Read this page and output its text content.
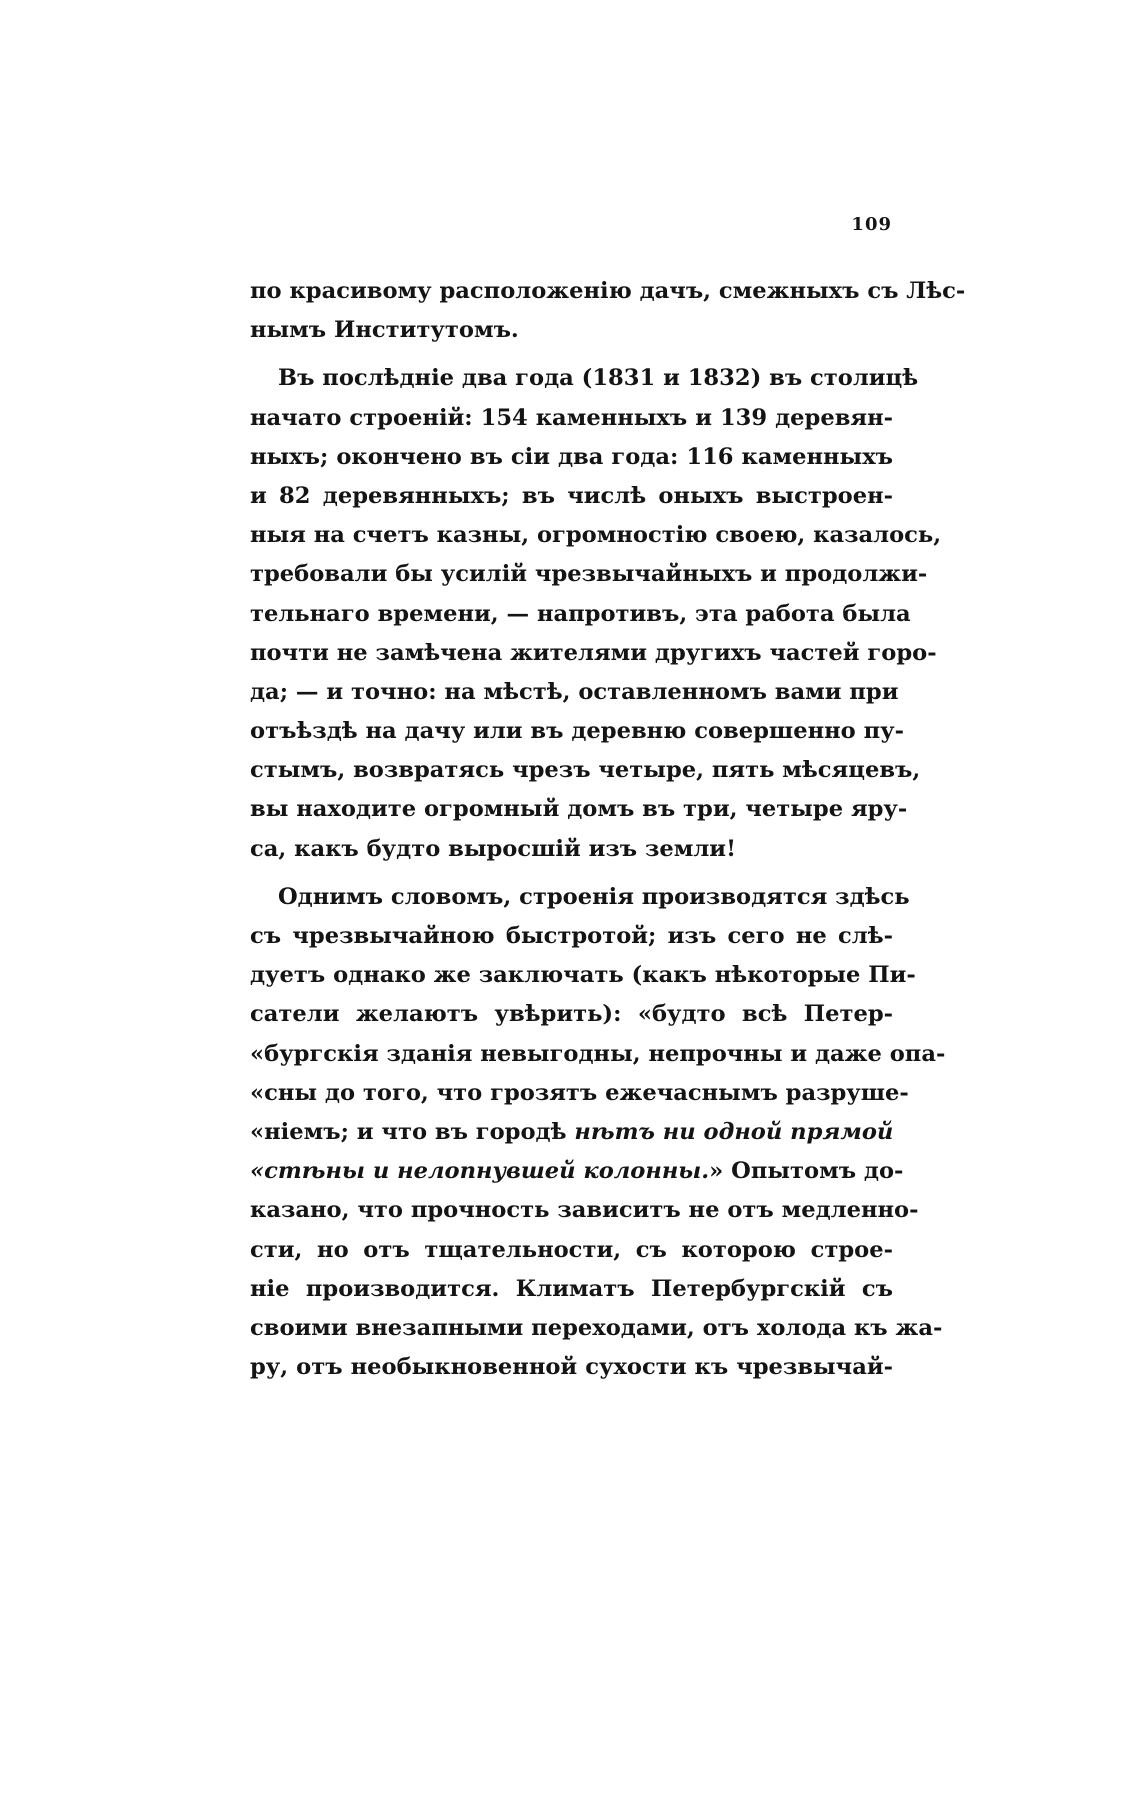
109
по красивому расположенію дачъ, смежныхъ съ Лѣс-
нымъ Институтомъ.
Въ послѣдніе два года (1831 и 1832) въ столицѣ
начато строеній: 154 каменныхъ и 139 деревян-
ныхъ; окончено въ сіи два года: 116 каменныхъ
и 82 деревянныхъ; въ числѣ оныхъ выстроен-
ныя на счетъ казны, огромностію своею, казалось,
требовали бы усилій чрезвычайныхъ и продолжи-
тельнаго времени, — напротивъ, эта работа была
почти не замѣчена жителями другихъ частей горо-
да; — и точно: на мѣстѣ, оставленномъ вами при
отъѣздѣ на дачу или въ деревню совершенно пу-
стымъ, возвратясь чрезъ четыре, пять мѣсяцевъ,
вы находите огромный домъ въ три, четыре яру-
са, какъ будто выросшій изъ земли!
Однимъ словомъ, строенія производятся здѣсь
съ чрезвычайною быстротой; изъ сего не слѣ-
дуетъ однако же заключать (какъ нѣкоторые Пи-
сатели желаютъ увѣрить): «будто всѣ Петер-
«бургскія зданія невыгодны, непрочны и даже опа-
«сны до того, что грозятъ ежечаснымъ разруше-
«ніемъ; и что въ городѣ нѣтъ ни одной прямой
«стѣны и нелопнувшей колонны.» Опытомъ до-
казано, что прочность зависитъ не отъ медленно-
сти, но отъ тщательности, съ которою строе-
ніе производится. Климатъ Петербургскій съ
своими внезапными переходами, отъ холода къ жа-
ру, отъ необыкновенной сухости къ чрезвычай-
